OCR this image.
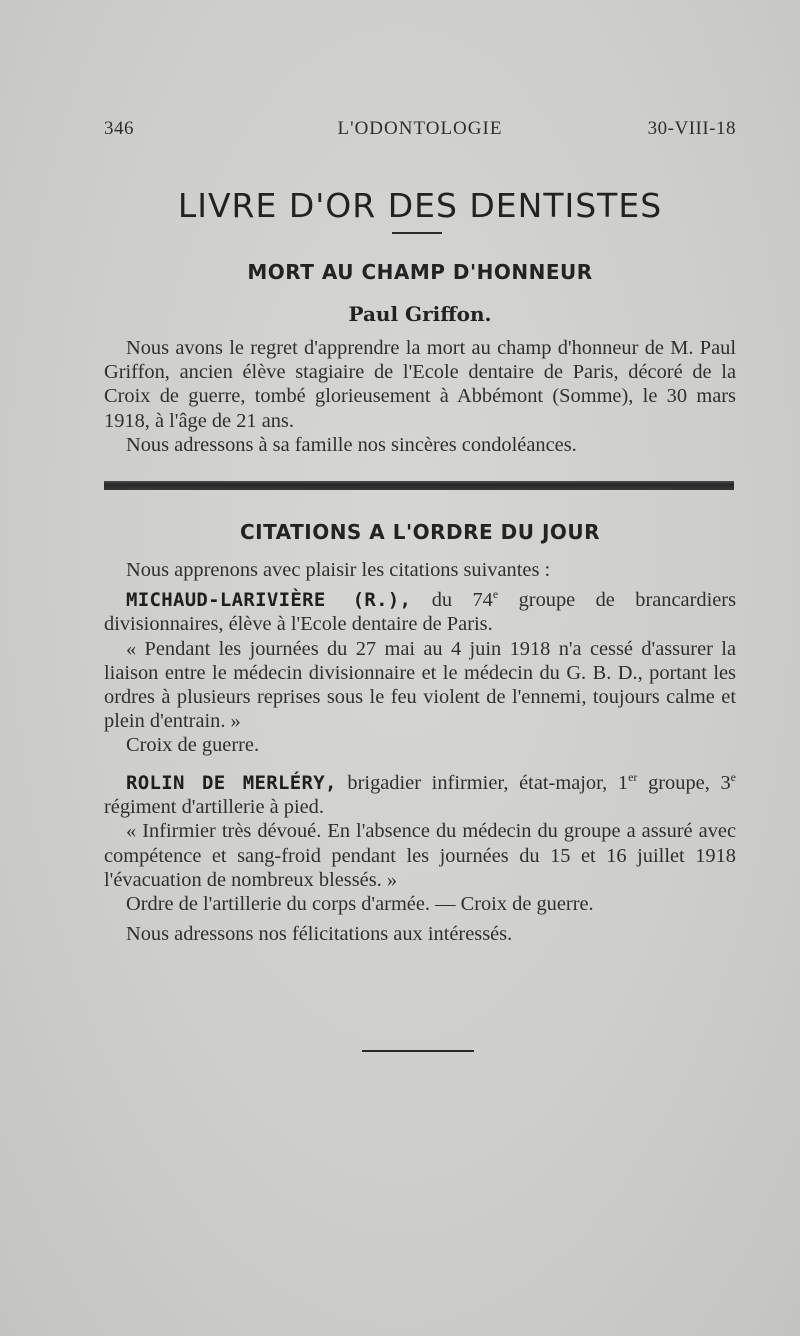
346	L'ODONTOLOGIE	30-VIII-18
LIVRE D'OR DES DENTISTES
MORT AU CHAMP D'HONNEUR
Paul Griffon.

Nous avons le regret d'apprendre la mort au champ d'honneur de M. Paul Griffon, ancien élève stagiaire de l'Ecole dentaire de Paris, décoré de la Croix de guerre, tombé glorieusement à Abbémont (Somme), le 30 mars 1918, à l'âge de 21 ans.

Nous adressons à sa famille nos sincères condoléances.

CITATIONS A L'ORDRE DU JOUR

Nous apprenons avec plaisir les citations suivantes :

MICHAUD-LARIVIÈRE (R.), du 74e groupe de brancardiers divisionnaires, élève à l'Ecole dentaire de Paris.

« Pendant les journées du 27 mai au 4 juin 1918 n'a cessé d'assurer la liaison entre le médecin divisionnaire et le médecin du G. B. D., portant les ordres à plusieurs reprises sous le feu violent de l'ennemi, toujours calme et plein d'entrain. »

Croix de guerre.

ROLIN DE MERLÉRY, brigadier infirmier, état-major, 1er groupe, 3e régiment d'artillerie à pied.

« Infirmier très dévoué. En l'absence du médecin du groupe a assuré avec compétence et sang-froid pendant les journées du 15 et 16 juillet 1918 l'évacuation de nombreux blessés. »

Ordre de l'artillerie du corps d'armée. — Croix de guerre.

Nous adressons nos félicitations aux intéressés.
